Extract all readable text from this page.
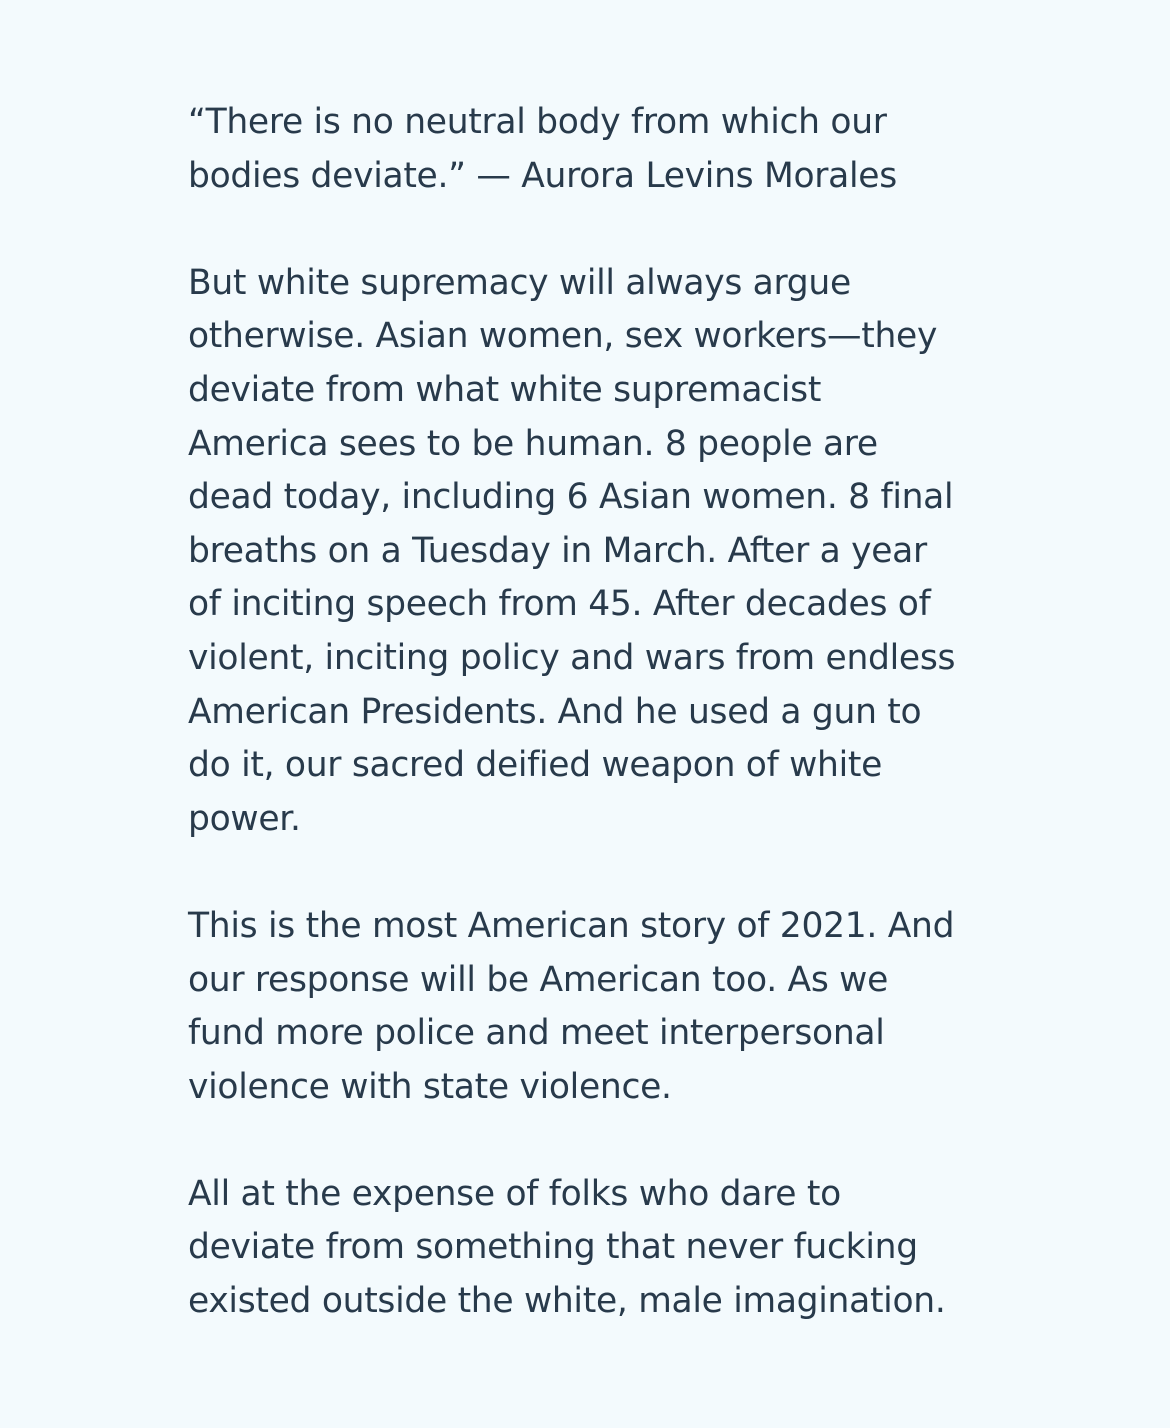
“There is no neutral body from which our
bodies deviate.” — Aurora Levins Morales
But white supremacy will always argue
otherwise. Asian women, sex workers—they
deviate from what white supremacist
America sees to be human. 8 people are
dead today, including 6 Asian women. 8 final
breaths on a Tuesday in March. After a year
of inciting speech from 45. After decades of
violent, inciting policy and wars from endless
American Presidents. And he used a gun to
do it, our sacred deified weapon of white
power.
This is the most American story of 2021. And
our response will be American too. As we
fund more police and meet interpersonal
violence with state violence.
All at the expense of folks who dare to
deviate from something that never fucking
existed outside the white, male imagination.
